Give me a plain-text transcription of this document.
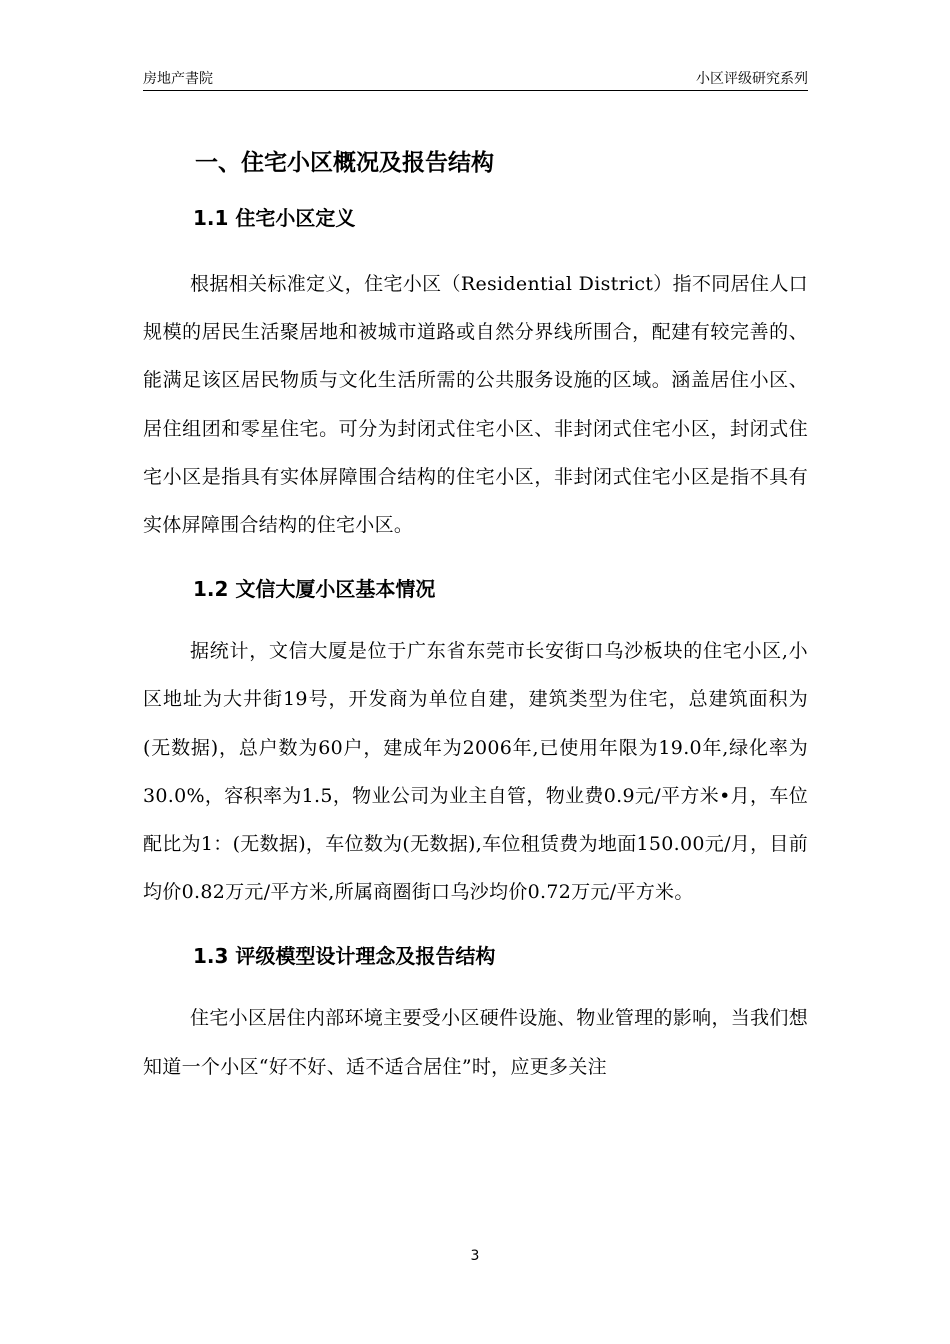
房地产書院	小区评级研究系列
一、住宅小区概况及报告结构
1.1 住宅小区定义

根据相关标准定义，住宅小区（Residential District）指不同居住人口规模的居民生活聚居地和被城市道路或自然分界线所围合，配建有较完善的、能满足该区居民物质与文化生活所需的公共服务设施的区域。涵盖居住小区、居住组团和零星住宅。可分为封闭式住宅小区、非封闭式住宅小区，封闭式住宅小区是指具有实体屏障围合结构的住宅小区，非封闭式住宅小区是指不具有实体屏障围合结构的住宅小区。

1.2 文信大厦小区基本情况

据统计，文信大厦是位于广东省东莞市长安街口乌沙板块的住宅小区,小区地址为大井街19号，开发商为单位自建，建筑类型为住宅，总建筑面积为(无数据)，总户数为60户，建成年为2006年,已使用年限为19.0年,绿化率为30.0%，容积率为1.5，物业公司为业主自管，物业费0.9元/平方米•月，车位配比为1：(无数据)，车位数为(无数据),车位租赁费为地面150.00元/月，目前均价0.82万元/平方米,所属商圈街口乌沙均价0.72万元/平方米。

1.3 评级模型设计理念及报告结构

住宅小区居住内部环境主要受小区硬件设施、物业管理的影响，当我们想知道一个小区“好不好、适不适合居住”时，应更多关注

3
